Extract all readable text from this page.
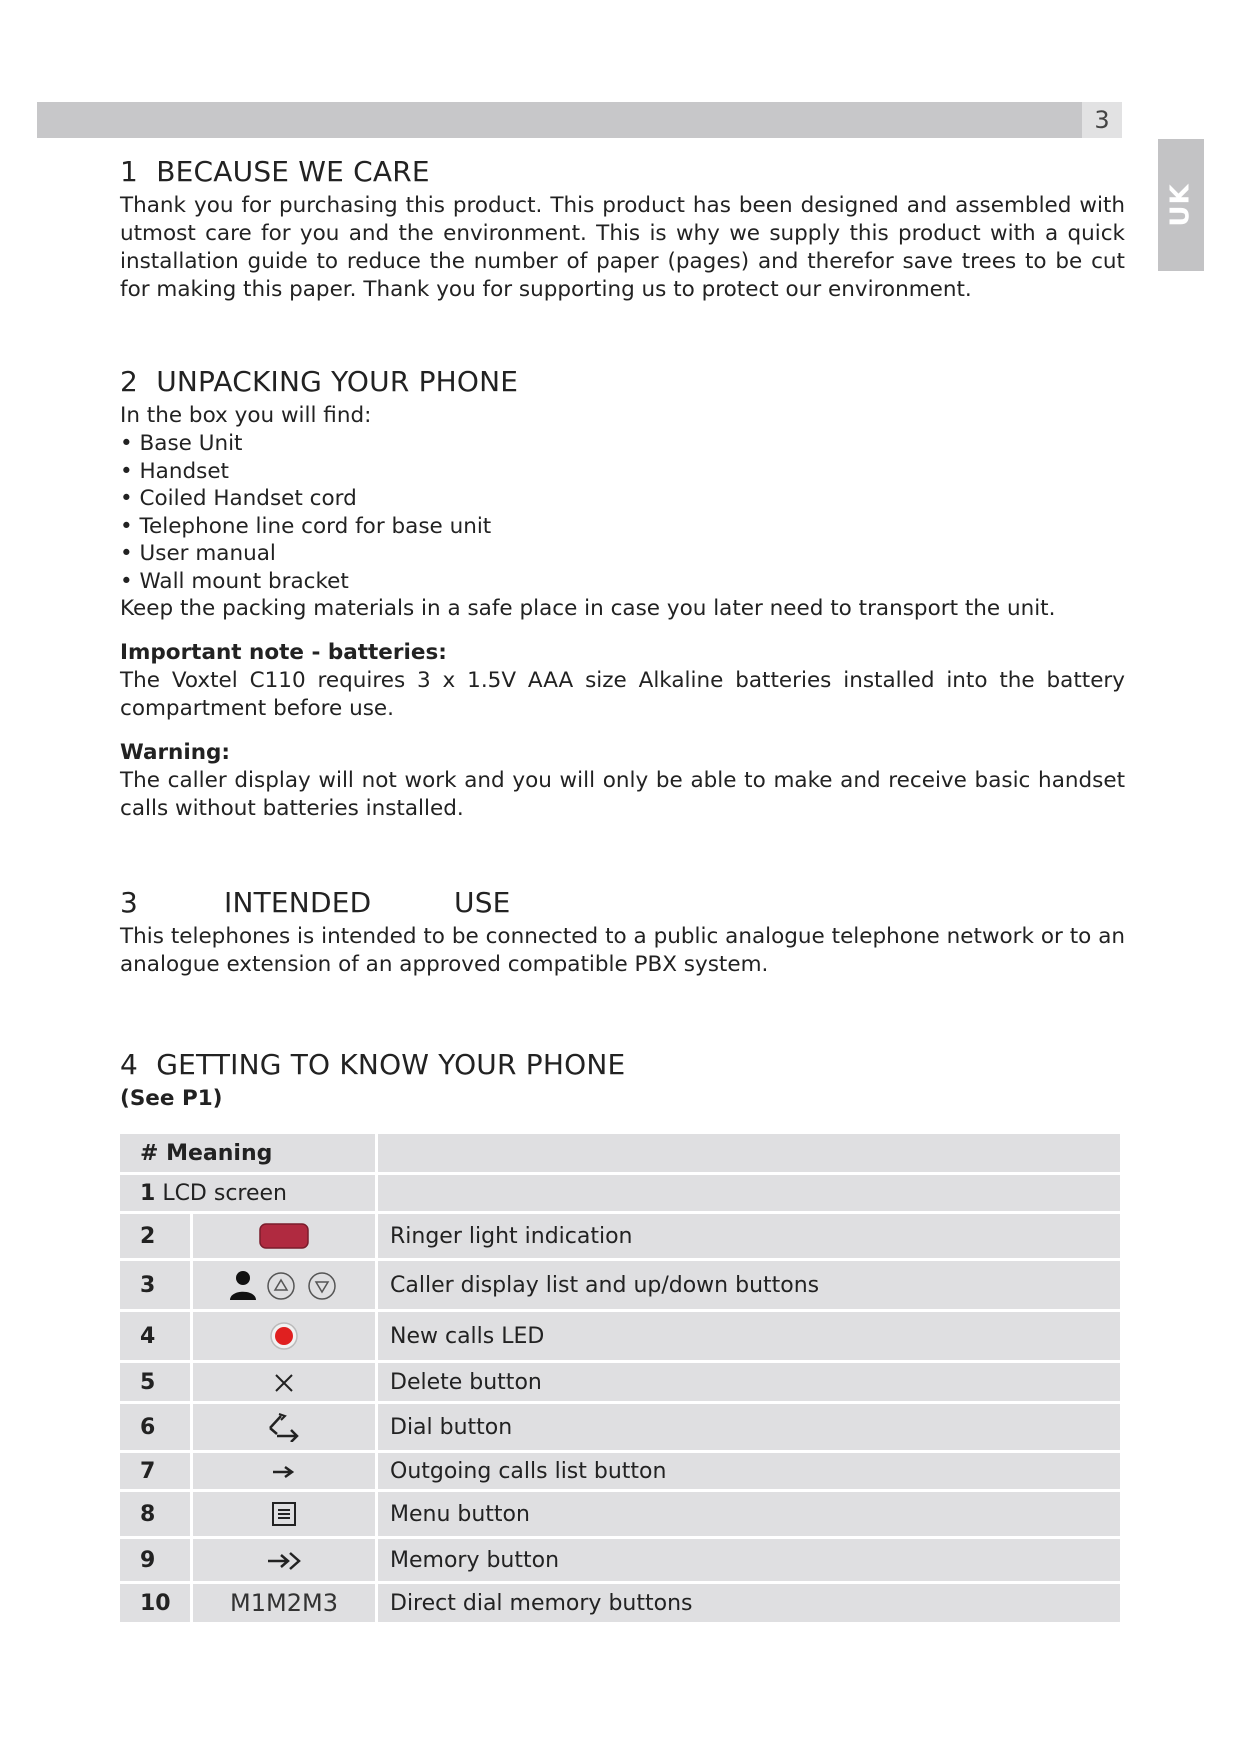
3
UK
1 BECAUSE WE CARE

Thank you for purchasing this product. This product has been designed and assembled with utmost care for you and the environment. This is why we supply this product with a quick installation guide to reduce the number of paper (pages) and therefor save trees to be cut for making this paper. Thank you for supporting us to protect our environment.

2 UNPACKING YOUR PHONE

In the box you will find:

• Base Unit
• Handset
• Coiled Handset cord
• Telephone line cord for base unit
• User manual
• Wall mount bracket

Keep the packing materials in a safe place in case you later need to transport the unit.

Important note - batteries:

The Voxtel C110 requires 3 x 1.5V AAA size Alkaline batteries installed into the battery compartment before use.

Warning:

The caller display will not work and you will only be able to make and receive basic handset calls without batteries installed.

3	INTENDED	USE

This telephones is intended to be connected to a public analogue telephone network or to an analogue extension of an approved compatible PBX system.

4 GETTING TO KNOW YOUR PHONE
(See P1)
# Meaning		
1 LCD screen		
2		Ringer light indication
3		Caller display list and up/down buttons
4		New calls LED
5		Delete button
6		Dial button
7		Outgoing calls list button
8		Menu button
9		Memory button
10	M1M2M3	Direct dial memory buttons
